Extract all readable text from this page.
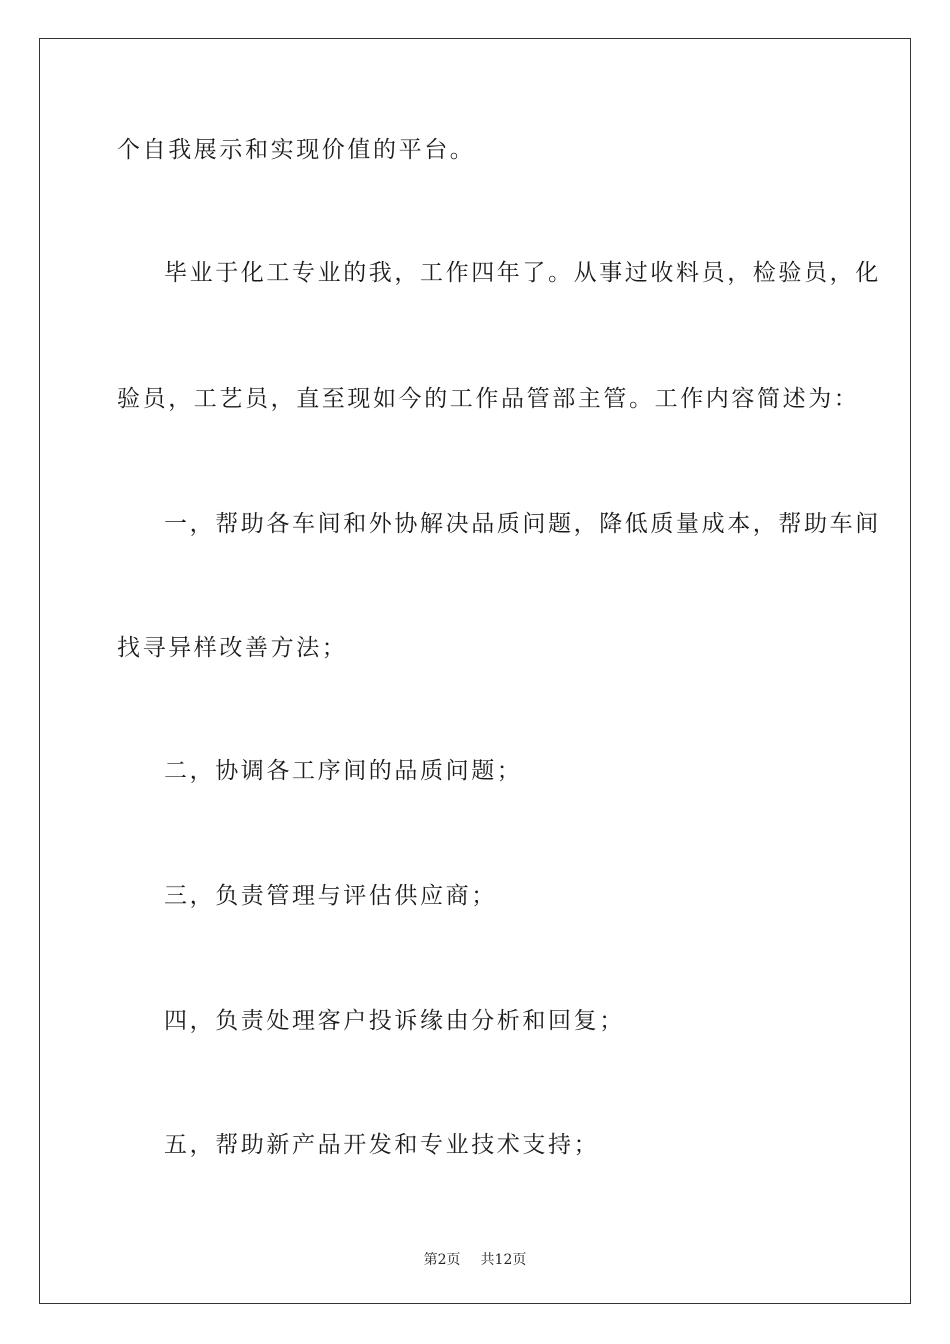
个自我展示和实现价值的平台。
毕业于化工专业的我，工作四年了。从事过收料员，检验员，化
验员，工艺员，直至现如今的工作品管部主管。工作内容简述为：
一，帮助各车间和外协解决品质问题，降低质量成本，帮助车间
找寻异样改善方法；
二，协调各工序间的品质问题；
三，负责管理与评估供应商；
四，负责处理客户投诉缘由分析和回复；
五，帮助新产品开发和专业技术支持；
第2页 共12页
